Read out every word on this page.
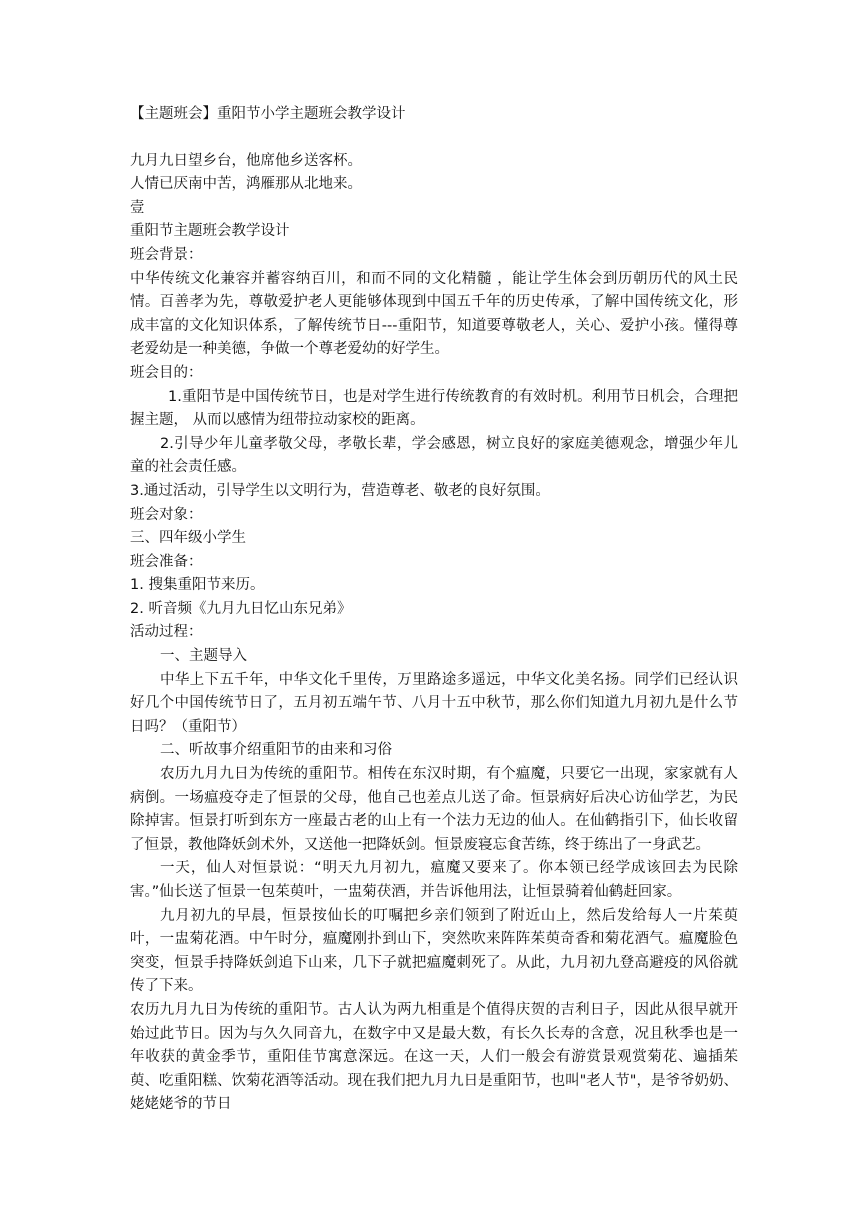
【主题班会】重阳节小学主题班会教学设计

九月九日望乡台，他席他乡送客杯。

人情已厌南中苦，鸿雁那从北地来。

壹

重阳节主题班会教学设计

班会背景：

中华传统文化兼容并蓄容纳百川，和而不同的文化精髓 ，能让学生体会到历朝历代的风土民情。百善孝为先，尊敬爱护老人更能够体现到中国五千年的历史传承，了解中国传统文化，形成丰富的文化知识体系，了解传统节日---重阳节，知道要尊敬老人，关心、爱护小孩。懂得尊老爱幼是一种美德，争做一个尊老爱幼的好学生。

班会目的：

1.重阳节是中国传统节日，也是对学生进行传统教育的有效时机。利用节日机会，合理把握主题， 从而以感情为纽带拉动家校的距离。

2.引导少年儿童孝敬父母，孝敬长辈，学会感恩，树立良好的家庭美德观念，增强少年儿童的社会责任感。

3.通过活动，引导学生以文明行为，营造尊老、敬老的良好氛围。

班会对象：

三、四年级小学生

班会准备：

1. 搜集重阳节来历。

2. 听音频《九月九日忆山东兄弟》

活动过程：

一、主题导入

中华上下五千年，中华文化千里传，万里路途多遥远，中华文化美名扬。同学们已经认识好几个中国传统节日了，五月初五端午节、八月十五中秋节，那么你们知道九月初九是什么节日吗？（重阳节）

二、听故事介绍重阳节的由来和习俗

农历九月九日为传统的重阳节。相传在东汉时期，有个瘟魔，只要它一出现，家家就有人病倒。一场瘟疫夺走了恒景的父母，他自己也差点儿送了命。恒景病好后决心访仙学艺，为民除掉害。恒景打听到东方一座最古老的山上有一个法力无边的仙人。在仙鹤指引下，仙长收留了恒景，教他降妖剑术外，又送他一把降妖剑。恒景废寝忘食苦练，终于练出了一身武艺。

一天，仙人对恒景说：“明天九月初九，瘟魔又要来了。你本领已经学成该回去为民除害。”仙长送了恒景一包茱萸叶，一盅菊茯酒，并告诉他用法，让恒景骑着仙鹤赶回家。

九月初九的早晨，恒景按仙长的叮嘱把乡亲们领到了附近山上，然后发给每人一片茱萸叶，一盅菊花酒。中午时分，瘟魔刚扑到山下，突然吹来阵阵茱萸奇香和菊花酒气。瘟魔脸色突变，恒景手持降妖剑追下山来，几下子就把瘟魔刺死了。从此，九月初九登高避疫的风俗就传了下来。

农历九月九日为传统的重阳节。古人认为两九相重是个值得庆贺的吉利日子，因此从很早就开始过此节日。因为与久久同音九，在数字中又是最大数，有长久长寿的含意，况且秋季也是一年收获的黄金季节，重阳佳节寓意深远。在这一天，人们一般会有游赏景观赏菊花、遍插茱萸、吃重阳糕、饮菊花酒等活动。现在我们把九月九日是重阳节，也叫"老人节"，是爷爷奶奶、姥姥姥爷的节日
